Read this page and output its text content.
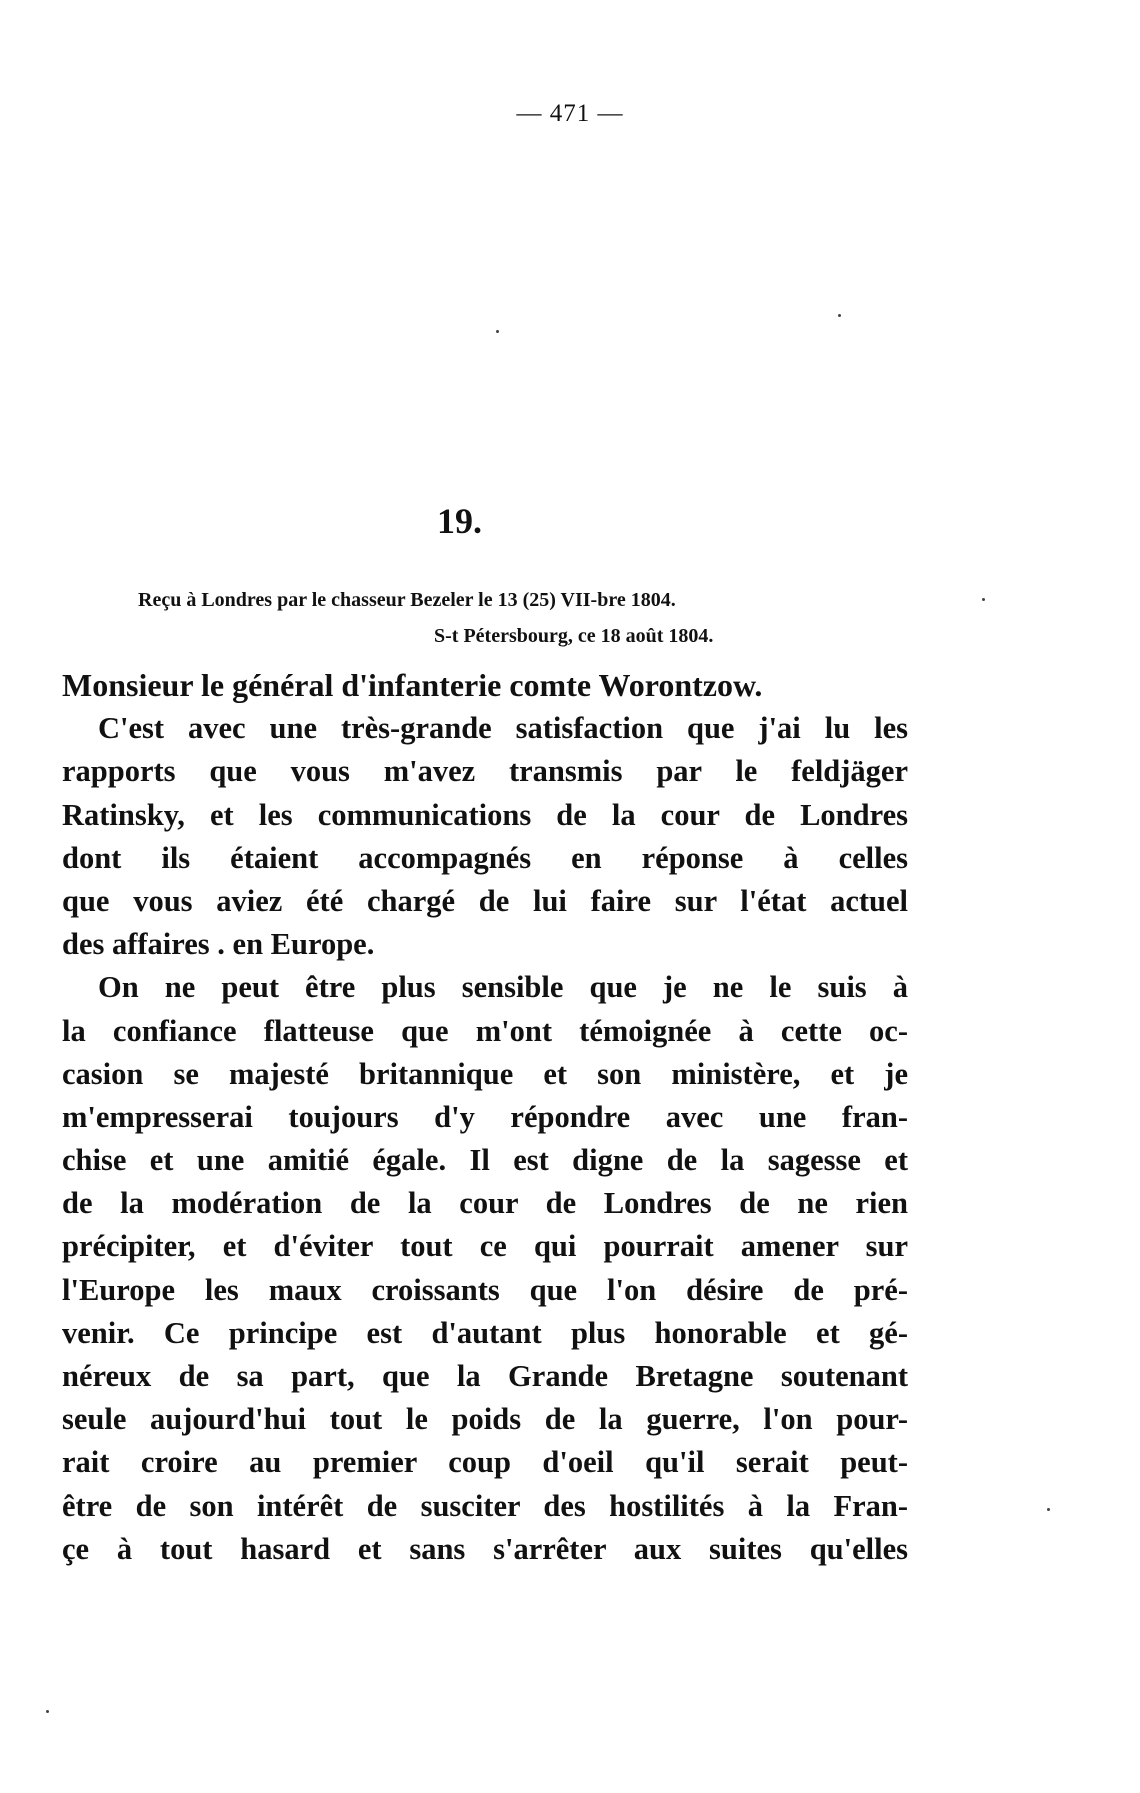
— 471 —
19.
Reçu à Londres par le chasseur Bezeler le 13 (25) VII-bre 1804.
S-t Pétersbourg, ce 18 août 1804.
Monsieur le général d'infanterie comte Worontzow.
C'est avec une très-grande satisfaction que j'ai lu les
rapports que vous m'avez transmis par le feldjäger
Ratinsky, et les communications de la cour de Londres
dont ils étaient accompagnés en réponse à celles
que vous aviez été chargé de lui faire sur l'état actuel
des affaires . en Europe.
On ne peut être plus sensible que je ne le suis à
la confiance flatteuse que m'ont témoignée à cette oc-
casion se majesté britannique et son ministère, et je
m'empresserai toujours d'y répondre avec une fran-
chise et une amitié égale. Il est digne de la sagesse et
de la modération de la cour de Londres de ne rien
précipiter, et d'éviter tout ce qui pourrait amener sur
l'Europe les maux croissants que l'on désire de pré-
venir. Ce principe est d'autant plus honorable et gé-
néreux de sa part, que la Grande Bretagne soutenant
seule aujourd'hui tout le poids de la guerre, l'on pour-
rait croire au premier coup d'oeil qu'il serait peut-
être de son intérêt de susciter des hostilités à la Fran-
çe à tout hasard et sans s'arrêter aux suites qu'elles
